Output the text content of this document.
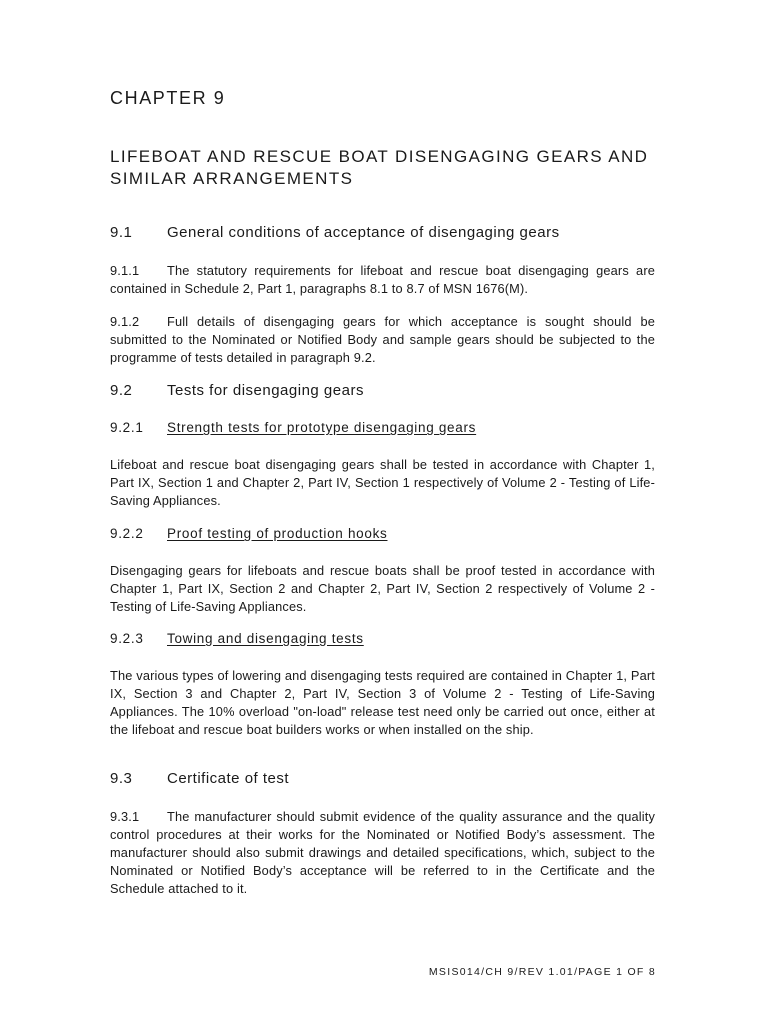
CHAPTER 9
LIFEBOAT AND RESCUE BOAT DISENGAGING GEARS AND SIMILAR ARRANGEMENTS
9.1 General conditions of acceptance of disengaging gears

9.1.1 The statutory requirements for lifeboat and rescue boat disengaging gears are contained in Schedule 2, Part 1, paragraphs 8.1 to 8.7 of MSN 1676(M).

9.1.2 Full details of disengaging gears for which acceptance is sought should be submitted to the Nominated or Notified Body and sample gears should be subjected to the programme of tests detailed in paragraph 9.2.

9.2 Tests for disengaging gears
9.2.1 Strength tests for prototype disengaging gears

Lifeboat and rescue boat disengaging gears shall be tested in accordance with Chapter 1, Part IX, Section 1 and Chapter 2, Part IV, Section 1 respectively of Volume 2 - Testing of Life-Saving Appliances.

9.2.2 Proof testing of production hooks

Disengaging gears for lifeboats and rescue boats shall be proof tested in accordance with Chapter 1, Part IX, Section 2 and Chapter 2, Part IV, Section 2 respectively of Volume 2 - Testing of Life-Saving Appliances.

9.2.3 Towing and disengaging tests

The various types of lowering and disengaging tests required are contained in Chapter 1, Part IX, Section 3 and Chapter 2, Part IV, Section 3 of Volume 2 - Testing of Life-Saving Appliances. The 10% overload "on-load" release test need only be carried out once, either at the lifeboat and rescue boat builders works or when installed on the ship.

9.3 Certificate of test

9.3.1 The manufacturer should submit evidence of the quality assurance and the quality control procedures at their works for the Nominated or Notified Body’s assessment. The manufacturer should also submit drawings and detailed specifications, which, subject to the Nominated or Notified Body’s acceptance will be referred to in the Certificate and the Schedule attached to it.

MSIS014/CH 9/REV 1.01/PAGE 1 OF 8
